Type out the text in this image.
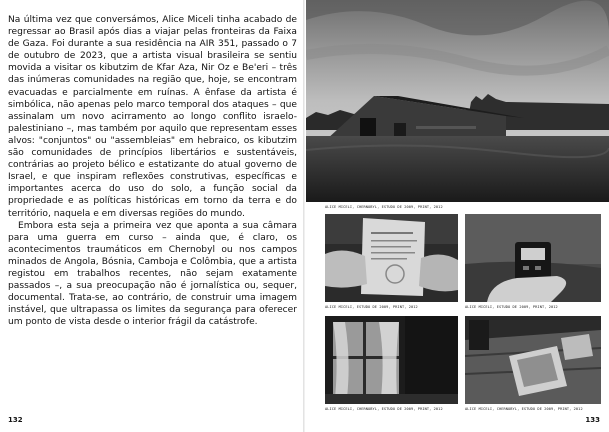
Na última vez que conversámos, Alice Miceli tinha acabado de regressar ao Brasil após dias a viajar pelas fronteiras da Faixa de Gaza. Foi durante a sua residência na AIR 351, passado o 7 de outubro de 2023, que a artista visual brasileira se sentiu movida a visitar os kibutzim de Kfar Aza, Nir Oz e Be'eri – três das inúmeras comunidades na região que, hoje, se encontram evacuadas e parcialmente em ruínas. A ênfase da artista é simbólica, não apenas pelo marco temporal dos ataques – que assinalam um novo acirramento ao longo conflito israelo-palestiniano –, mas também por aquilo que representam esses alvos: "conjuntos" ou "assembleias" em hebraico, os kibutzim são comunidades de princípios libertários e sustentáveis, contrárias ao projeto bélico e estatizante do atual governo de Israel, e que inspiram reflexões construtivas, específicas e importantes acerca do uso do solo, a função social da propriedade e as políticas históricas em torno da terra e do território, naquela e em diversas regiões do mundo.

Embora esta seja a primeira vez que aponta a sua câmara para uma guerra em curso – ainda que, é claro, os acontecimentos traumáticos em Chernobyl ou nos campos minados de Angola, Bósnia, Camboja e Colômbia, que a artista registou em trabalhos recentes, não sejam exatamente passados –, a sua preocupação não é jornalística ou, sequer, documental. Trata-se, ao contrário, de construir uma imagem instável, que ultrapassa os limites da segurança para oferecer um ponto de vista desde o interior frágil da catástrofe.

132
ALICE MICELI, CHERNOBYL, ESTUDO DE 2009, PRINT, 2012
ALICE MICELI, ESTUDO DE 2009, PRINT, 2012	ALICE MICELI, ESTUDO DE 2009, PRINT, 2012
ALICE MICELI, CHERNOBYL, ESTUDO DE 2009, PRINT, 2012	ALICE MICELI, CHERNOBYL, ESTUDO DE 2009, PRINT, 2012
133
